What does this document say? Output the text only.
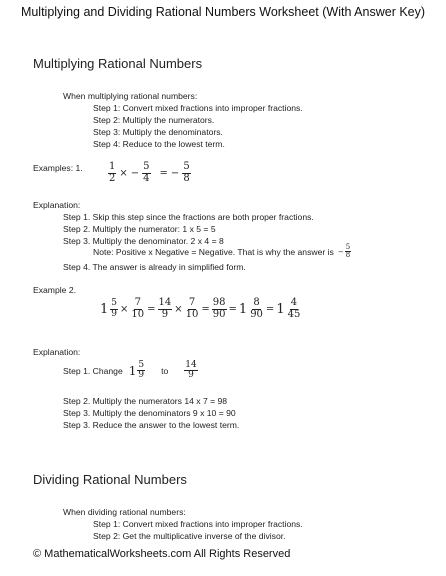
Multiplying and Dividing Rational Numbers Worksheet (With Answer Key)
Multiplying Rational Numbers
When multiplying rational numbers:
Step 1: Convert mixed fractions into improper fractions.
Step 2: Multiply the numerators.
Step 3: Multiply the denominators.
Step 4: Reduce to the lowest term.
Examples: 1.	$\frac{1}{2}$ × − $\frac{5}{4}$ = − $\frac{5}{8}$
Explanation:
Step 1. Skip this step since the fractions are both proper fractions.
Step 2. Multiply the numerator: 1 x 5 = 5
Step 3. Multiply the denominator. 2 x 4 = 8
Note: Positive x Negative = Negative. That is why the answer is − $\frac{5}{8}$
Step 4. The answer is already in simplified form.
Example 2.
$1 \frac{5}{9} \times \frac{7}{10} = \frac{14}{9} \times \frac{7}{10} = \frac{98}{90} = 1 \frac{8}{90} = 1 \frac{4}{45}$
Explanation:
Step 1. Change $1 \frac{5}{9}$ to $\frac{14}{9}$
Step 2. Multiply the numerators 14 x 7 = 98
Step 3. Multiply the denominators 9 x 10 = 90
Step 3. Reduce the answer to the lowest term.
Dividing Rational Numbers
When dividing rational numbers:
Step 1: Convert mixed fractions into improper fractions.
Step 2: Get the multiplicative inverse of the divisor.
© MathematicalWorksheets.com All Rights Reserved
